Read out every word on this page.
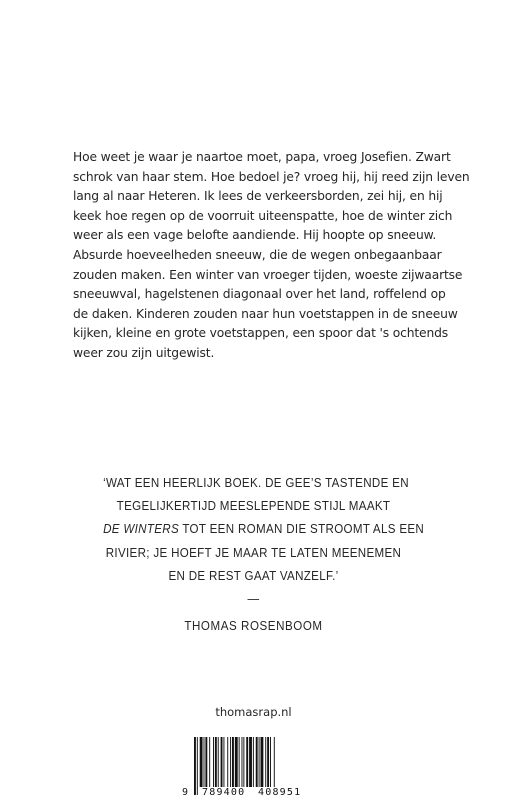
Hoe weet je waar je naartoe moet, papa, vroeg Josefien. Zwart
schrok van haar stem. Hoe bedoel je? vroeg hij, hij reed zijn leven
lang al naar Heteren. Ik lees de verkeersborden, zei hij, en hij
keek hoe regen op de voorruit uiteenspatte, hoe de winter zich
weer als een vage belofte aandiende. Hij hoopte op sneeuw.
Absurde hoeveelheden sneeuw, die de wegen onbegaanbaar
zouden maken. Een winter van vroeger tijden, woeste zijwaartse
sneeuwval, hagelstenen diagonaal over het land, roffelend op
de daken. Kinderen zouden naar hun voetstappen in de sneeuw
kijken, kleine en grote voetstappen, een spoor dat 's ochtends
weer zou zijn uitgewist.
‘WAT EEN HEERLIJK BOEK. DE GEE’S TASTENDE EN
TEGELIJKERTIJD MEESLEPENDE STIJL MAAKT
DE WINTERS TOT EEN ROMAN DIE STROOMT ALS EEN
RIVIER; JE HOEFT JE MAAR TE LATEN MEENEMEN
EN DE REST GAAT VANZELF.’
—
THOMAS ROSENBOOM
thomasrap.nl
9 789400 408951
